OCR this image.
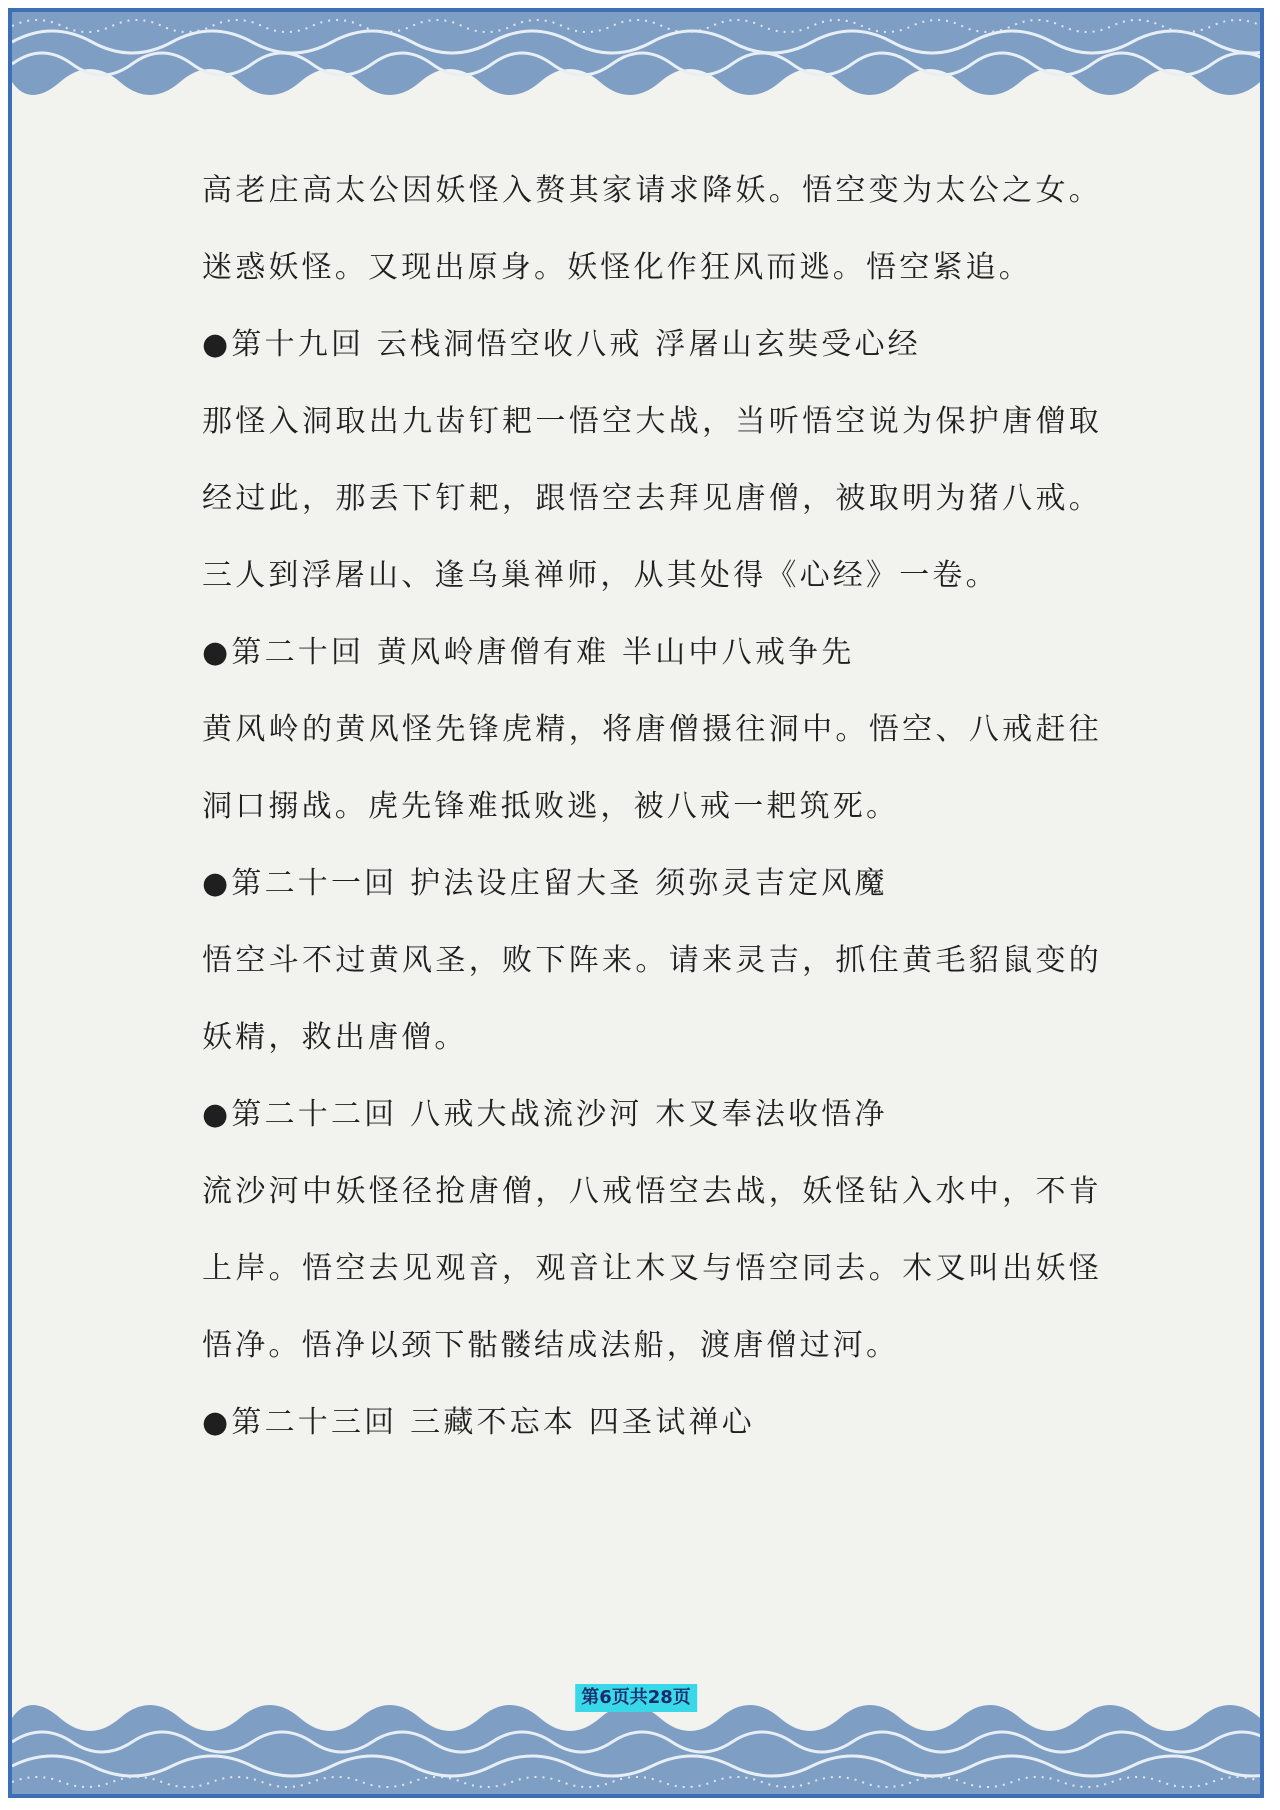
高老庄高太公因妖怪入赘其家请求降妖。悟空变为太公之女。迷惑妖怪。又现出原身。妖怪化作狂风而逃。悟空紧追。

●第十九回 云栈洞悟空收八戒 浮屠山玄奘受心经

那怪入洞取出九齿钉耙一悟空大战，当听悟空说为保护唐僧取经过此，那丢下钉耙，跟悟空去拜见唐僧，被取明为猪八戒。三人到浮屠山、逢乌巢禅师，从其处得《心经》一卷。

●第二十回 黄风岭唐僧有难 半山中八戒争先

黄风岭的黄风怪先锋虎精，将唐僧摄往洞中。悟空、八戒赶往洞口搦战。虎先锋难抵败逃，被八戒一耙筑死。

●第二十一回 护法设庄留大圣 须弥灵吉定风魔

悟空斗不过黄风圣，败下阵来。请来灵吉，抓住黄毛貂鼠变的妖精，救出唐僧。

●第二十二回 八戒大战流沙河 木叉奉法收悟净

流沙河中妖怪径抢唐僧，八戒悟空去战，妖怪钻入水中，不肯上岸。悟空去见观音，观音让木叉与悟空同去。木叉叫出妖怪悟净。悟净以颈下骷髅结成法船，渡唐僧过河。

●第二十三回 三藏不忘本 四圣试禅心

第6页共28页
